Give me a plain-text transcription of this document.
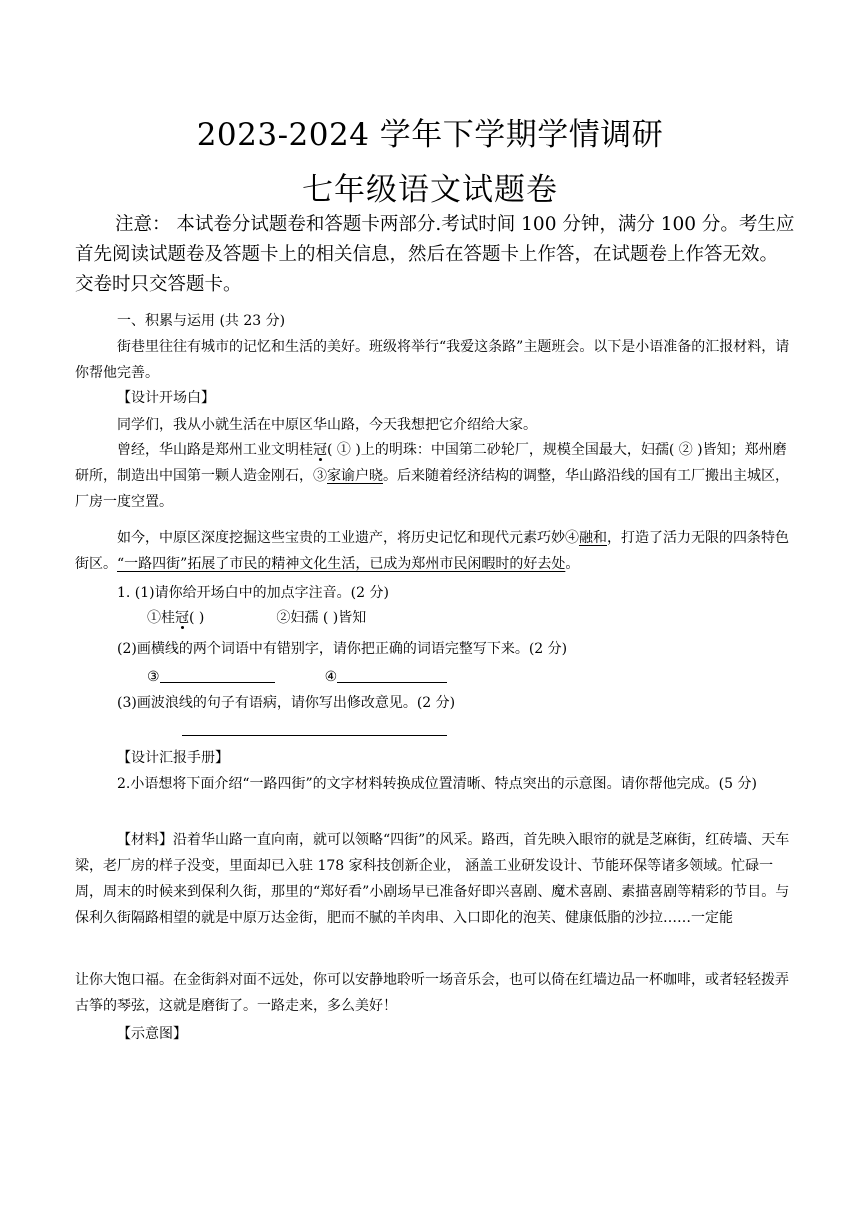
2023-2024 学年下学期学情调研
七年级语文试题卷
注意： 本试卷分试题卷和答题卡两部分.考试时间 100 分钟，满分 100 分。考生应首先阅读试题卷及答题卡上的相关信息，然后在答题卡上作答，在试题卷上作答无效。交卷时只交答题卡。
一、积累与运用 (共 23 分)
街巷里往往有城市的记忆和生活的美好。班级将举行“我爱这条路”主题班会。以下是小语准备的汇报材料，请你帮他完善。
【设计开场白】
同学们，我从小就生活在中原区华山路，今天我想把它介绍给大家。
曾经，华山路是郑州工业文明桂冠( ① )上的明珠：中国第二砂轮厂，规模全国最大，妇孺( ② )皆知；郑州磨研所，制造出中国第一颗人造金刚石，③家谕户晓。后来随着经济结构的调整，华山路沿线的国有工厂搬出主城区，厂房一度空置。
如今，中原区深度挖掘这些宝贵的工业遗产，将历史记忆和现代元素巧妙④融和，打造了活力无限的四条特色街区。“一路四街”拓展了市民的精神文化生活，已成为郑州市民闲暇时的好去处。
1. (1)请你给开场白中的加点字注音。(2 分)
①桂冠( )	②妇孺 ( )皆知
(2)画横线的两个词语中有错别字，请你把正确的词语完整写下来。(2 分)
③	④
(3)画波浪线的句子有语病，请你写出修改意见。(2 分)
【设计汇报手册】
2.小语想将下面介绍“一路四街”的文字材料转换成位置清晰、特点突出的示意图。请你帮他完成。(5 分)
【材料】沿着华山路一直向南，就可以领略“四街”的风采。路西，首先映入眼帘的就是芝麻街，红砖墙、天车梁，老厂房的样子没变，里面却已入驻 178 家科技创新企业， 涵盖工业研发设计、节能环保等诸多领域。忙碌一周，周末的时候来到保利久街，那里的“郑好看”小剧场早已准备好即兴喜剧、魔术喜剧、素描喜剧等精彩的节目。与保利久街隔路相望的就是中原万达金街，肥而不腻的羊肉串、入口即化的泡芙、健康低脂的沙拉……一定能
让你大饱口福。在金街斜对面不远处，你可以安静地聆听一场音乐会，也可以倚在红墙边品一杯咖啡，或者轻轻拨弄古筝的琴弦，这就是磨街了。一路走来，多么美好！
【示意图】
